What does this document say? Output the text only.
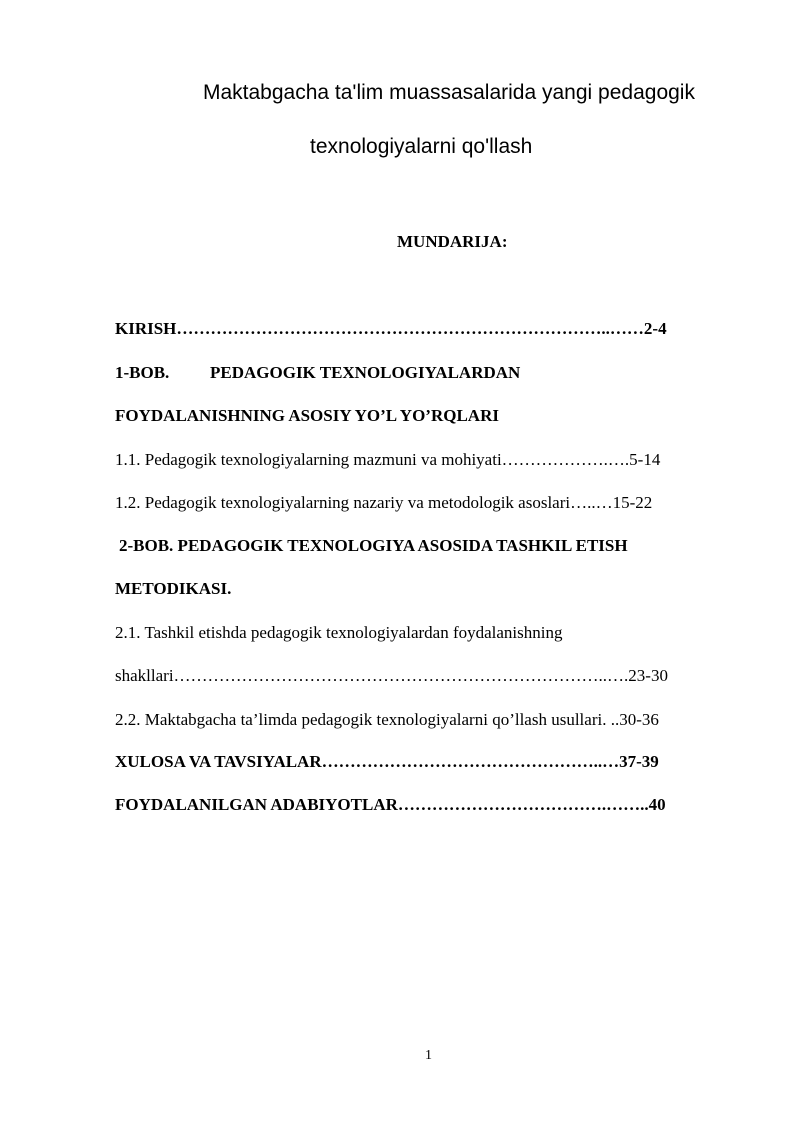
Maktabgacha ta'lim muassasalarida yangi pedagogik
texnologiyalarni qo'llash
MUNDARIJA:
KIRISH…………………………………………………………………..……2-4
1-BOB. PEDAGOGIK TEXNOLOGIYALARDAN
FOYDALANISHNING ASOSIY YO’L YO’RQLARI
1.1. Pedagogik texnologiyalarning mazmuni va mohiyati……………….….5-14
1.2. Pedagogik texnologiyalarning nazariy va metodologik asoslari…..…15-22
2-BOB. PEDAGOGIK TEXNOLOGIYA ASOSIDA TASHKIL ETISH
METODIKASI.
2.1. Tashkil etishda pedagogik texnologiyalardan foydalanishning
shakllari…………………………………………………………………..….23-30
2.2. Maktabgacha ta’limda pedagogik texnologiyalarni qo’llash usullari. ..30-36
XULOSA VA TAVSIYALAR…………………………………………..…37-39
FOYDALANILGAN ADABIYOTLAR……………………………….……..40
1
